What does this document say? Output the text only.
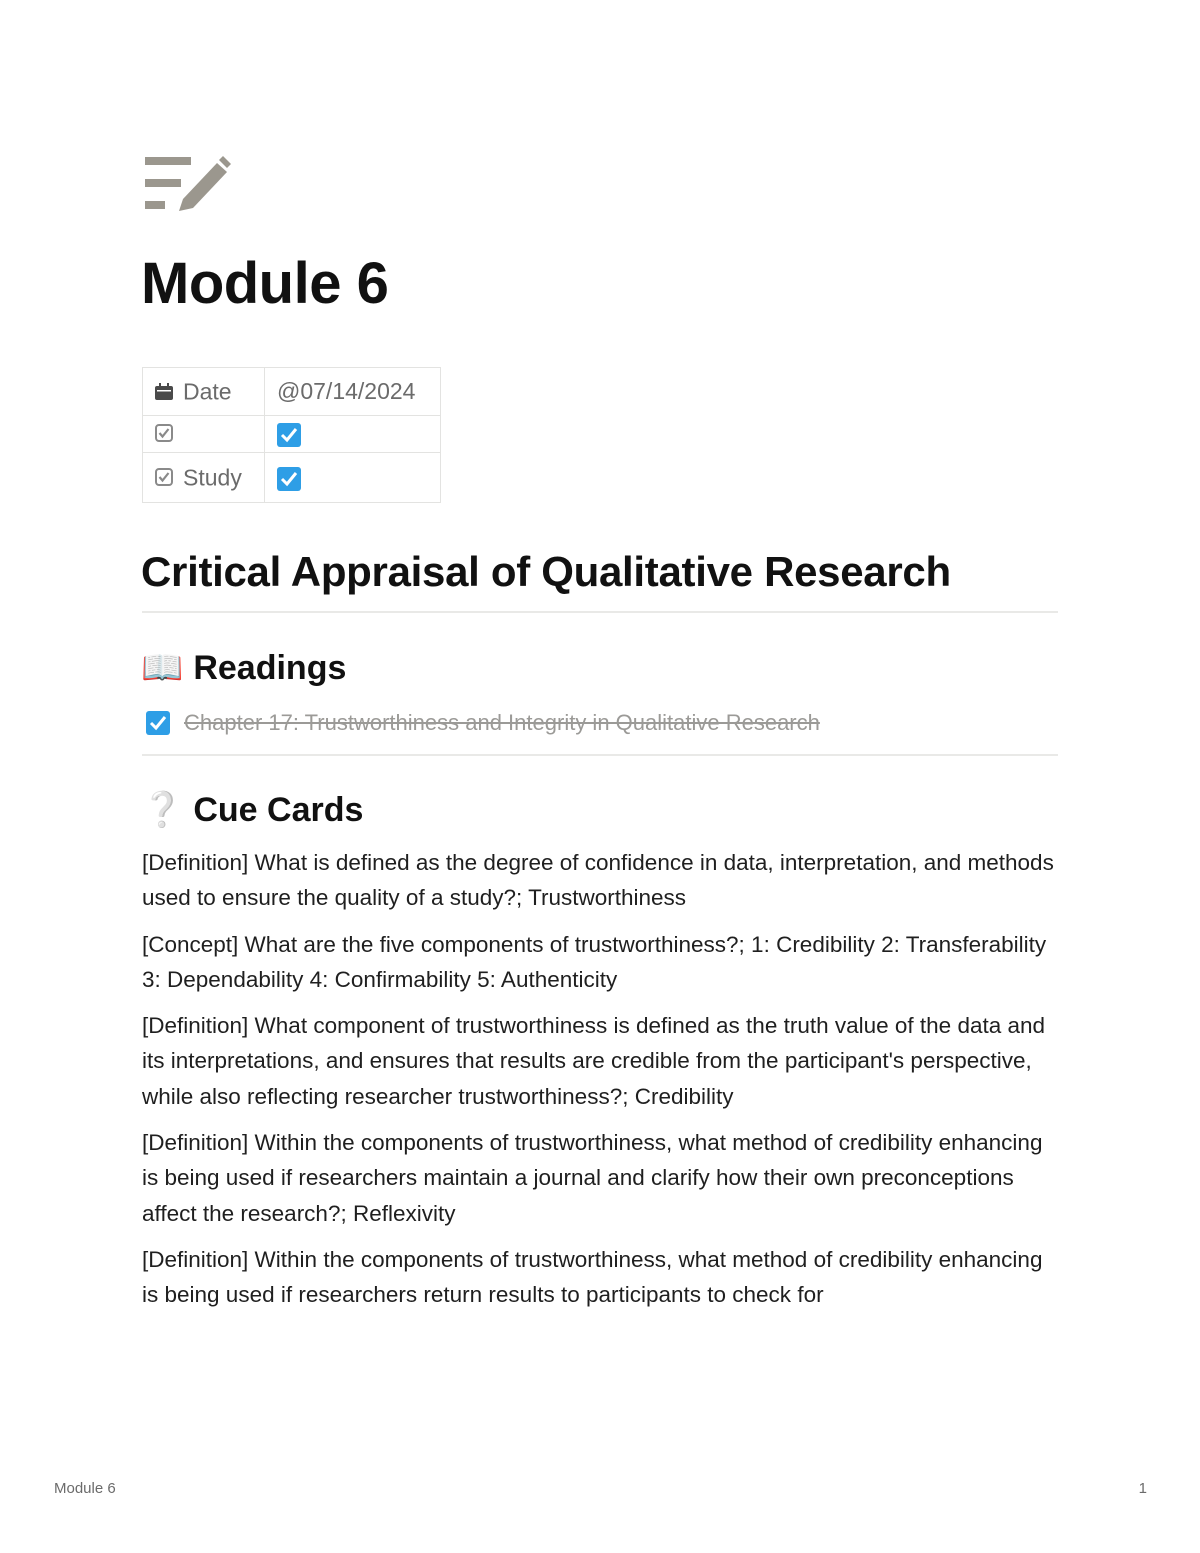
Module 6
Date	@07/14/2024

Study	
Critical Appraisal of Qualitative Research
📖 Readings
Chapter 17: Trustworthiness and Integrity in Qualitative Research
❔ Cue Cards

[Definition] What is defined as the degree of confidence in data, interpretation, and methods used to ensure the quality of a study?; Trustworthiness

[Concept] What are the five components of trustworthiness?; 1: Credibility 2: Transferability 3: Dependability 4: Confirmability 5: Authenticity

[Definition] What component of trustworthiness is defined as the truth value of the data and its interpretations, and ensures that results are credible from the participant's perspective, while also reflecting researcher trustworthiness?; Credibility

[Definition] Within the components of trustworthiness, what method of credibility enhancing is being used if researchers maintain a journal and clarify how their own preconceptions affect the research?; Reflexivity

[Definition] Within the components of trustworthiness, what method of credibility enhancing is being used if researchers return results to participants to check for

Module 6	1
